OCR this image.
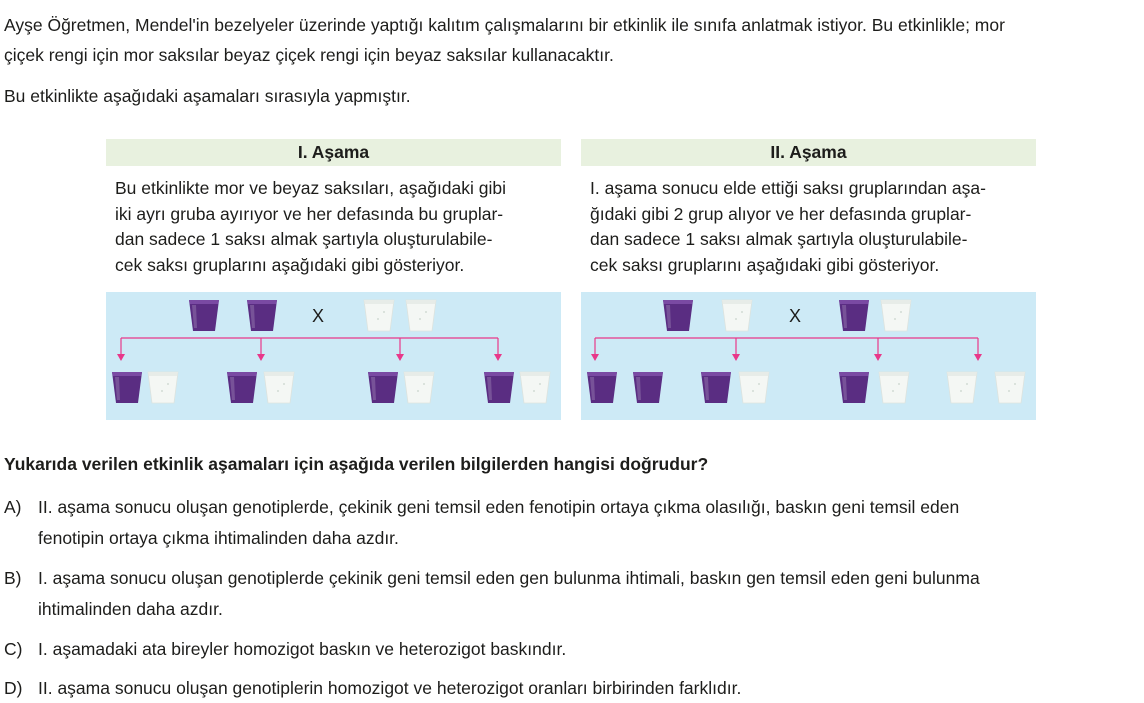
Ayşe Öğretmen, Mendel'in bezelyeler üzerinde yaptığı kalıtım çalışmalarını bir etkinlik ile sınıfa anlatmak istiyor. Bu etkinlikle; mor
çiçek rengi için mor saksılar beyaz çiçek rengi için beyaz saksılar kullanacaktır.
Bu etkinlikte aşağıdaki aşamaları sırasıyla yapmıştır.
I. Aşama
Bu etkinlikte mor ve beyaz saksıları, aşağıdaki gibi
iki ayrı gruba ayırıyor ve her defasında bu gruplar-
dan sadece 1 saksı almak şartıyla oluşturulabile-
cek saksı gruplarını aşağıdaki gibi gösteriyor.
X
II. Aşama
I. aşama sonucu elde ettiği saksı gruplarından aşa-
ğıdaki gibi 2 grup alıyor ve her defasında gruplar-
dan sadece 1 saksı almak şartıyla oluşturulabile-
cek saksı gruplarını aşağıdaki gibi gösteriyor.
X
Yukarıda verilen etkinlik aşamaları için aşağıda verilen bilgilerden hangisi doğrudur?
A) II. aşama sonucu oluşan genotiplerde, çekinik geni temsil eden fenotipin ortaya çıkma olasılığı, baskın geni temsil eden
fenotipin ortaya çıkma ihtimalinden daha azdır.
B) I. aşama sonucu oluşan genotiplerde çekinik geni temsil eden gen bulunma ihtimali, baskın gen temsil eden geni bulunma
ihtimalinden daha azdır.
C) I. aşamadaki ata bireyler homozigot baskın ve heterozigot baskındır.
D) II. aşama sonucu oluşan genotiplerin homozigot ve heterozigot oranları birbirinden farklıdır.
